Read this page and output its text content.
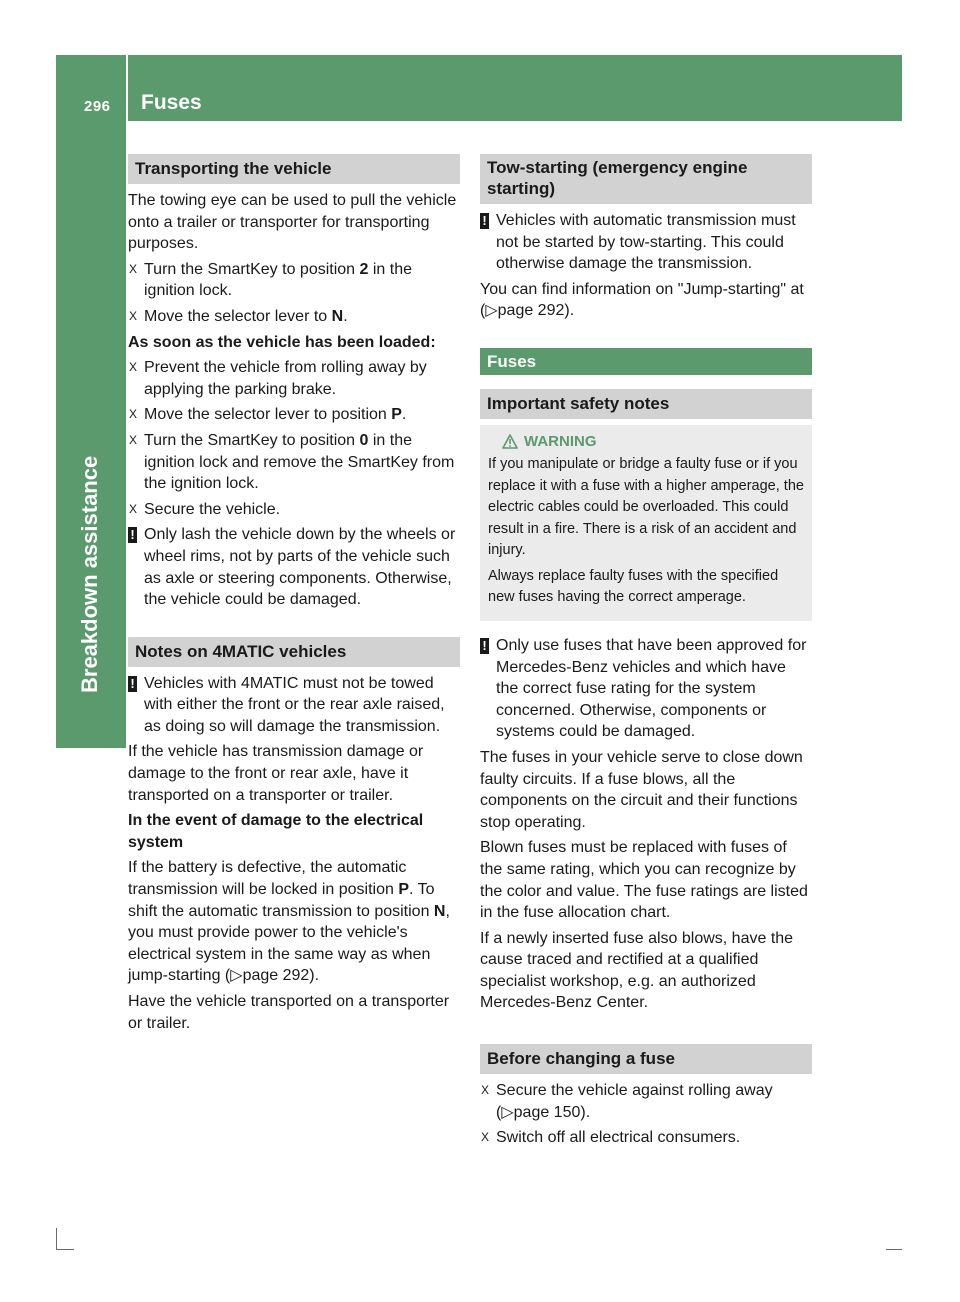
296 Fuses
Breakdown assistance
Transporting the vehicle

The towing eye can be used to pull the vehicle onto a trailer or transporter for transporting purposes.

X Turn the SmartKey to position 2 in the ignition lock.
X Move the selector lever to N.

As soon as the vehicle has been loaded:

X Prevent the vehicle from rolling away by applying the parking brake.
X Move the selector lever to position P.
X Turn the SmartKey to position 0 in the ignition lock and remove the SmartKey from the ignition lock.
X Secure the vehicle.
! Only lash the vehicle down by the wheels or wheel rims, not by parts of the vehicle such as axle or steering components. Otherwise, the vehicle could be damaged.
Notes on 4MATIC vehicles
! Vehicles with 4MATIC must not be towed with either the front or the rear axle raised, as doing so will damage the transmission.

If the vehicle has transmission damage or damage to the front or rear axle, have it transported on a transporter or trailer.

In the event of damage to the electrical system

If the battery is defective, the automatic transmission will be locked in position P. To shift the automatic transmission to position N, you must provide power to the vehicle's electrical system in the same way as when jump-starting (▷page 292).

Have the vehicle transported on a transporter or trailer.

Tow-starting (emergency engine starting)
! Vehicles with automatic transmission must not be started by tow-starting. This could otherwise damage the transmission.

You can find information on "Jump-starting" at (▷page 292).

Fuses
Important safety notes
WARNING

If you manipulate or bridge a faulty fuse or if you replace it with a fuse with a higher amperage, the electric cables could be overloaded. This could result in a fire. There is a risk of an accident and injury.

Always replace faulty fuses with the specified new fuses having the correct amperage.

! Only use fuses that have been approved for Mercedes-Benz vehicles and which have the correct fuse rating for the system concerned. Otherwise, components or systems could be damaged.

The fuses in your vehicle serve to close down faulty circuits. If a fuse blows, all the components on the circuit and their functions stop operating.

Blown fuses must be replaced with fuses of the same rating, which you can recognize by the color and value. The fuse ratings are listed in the fuse allocation chart.

If a newly inserted fuse also blows, have the cause traced and rectified at a qualified specialist workshop, e.g. an authorized Mercedes-Benz Center.

Before changing a fuse
X Secure the vehicle against rolling away (▷page 150).
X Switch off all electrical consumers.
